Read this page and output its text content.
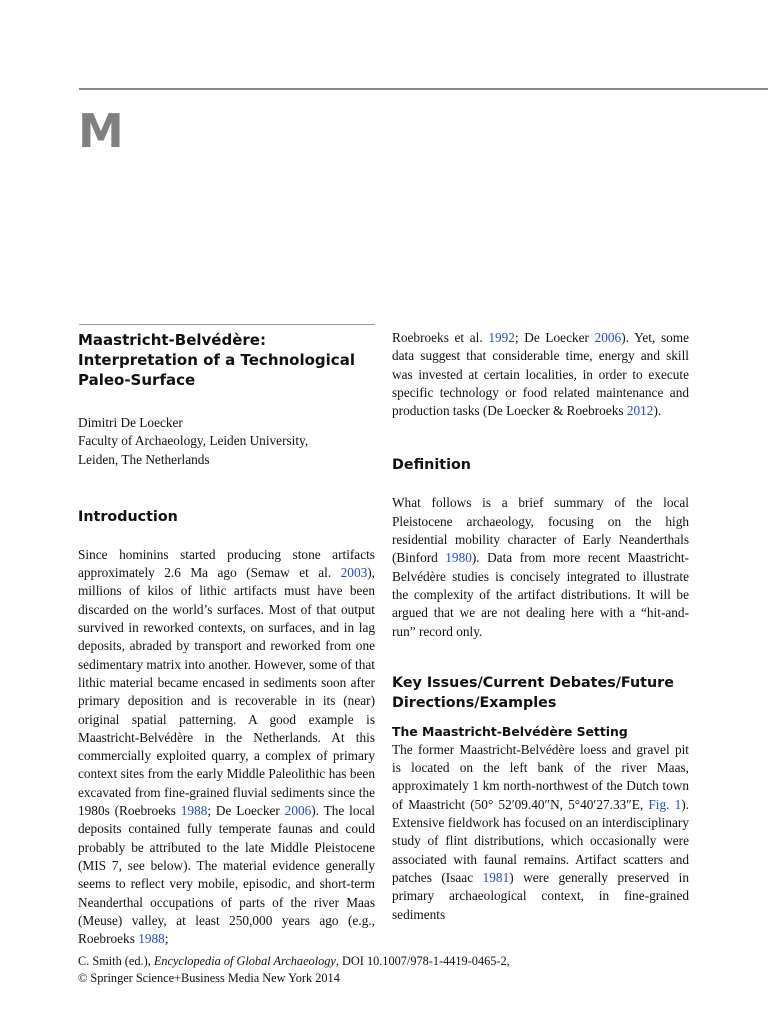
M
Maastricht-Belvédère: Interpretation of a Technological Paleo-Surface
Dimitri De Loecker
Faculty of Archaeology, Leiden University,
Leiden, The Netherlands
Introduction

Since hominins started producing stone artifacts approximately 2.6 Ma ago (Semaw et al. 2003), millions of kilos of lithic artifacts must have been discarded on the world’s surfaces. Most of that output survived in reworked contexts, on surfaces, and in lag deposits, abraded by transport and reworked from one sedimentary matrix into another. However, some of that lithic material became encased in sediments soon after primary deposition and is recoverable in its (near) original spatial patterning. A good example is Maastricht-Belvédère in the Netherlands. At this commercially exploited quarry, a complex of primary context sites from the early Middle Paleolithic has been excavated from fine-grained fluvial sediments since the 1980s (Roebroeks 1988; De Loecker 2006). The local deposits contained fully temperate faunas and could probably be attributed to the late Middle Pleistocene (MIS 7, see below). The material evidence generally seems to reflect very mobile, episodic, and short-term Neanderthal occupations of parts of the river Maas (Meuse) valley, at least 250,000 years ago (e.g., Roebroeks 1988;

Roebroeks et al. 1992; De Loecker 2006). Yet, some data suggest that considerable time, energy and skill was invested at certain localities, in order to execute specific technology or food related maintenance and production tasks (De Loecker & Roebroeks 2012).

Definition

What follows is a brief summary of the local Pleistocene archaeology, focusing on the high residential mobility character of Early Neanderthals (Binford 1980). Data from more recent Maastricht-Belvédère studies is concisely integrated to illustrate the complexity of the artifact distributions. It will be argued that we are not dealing here with a “hit-and-run” record only.

Key Issues/Current Debates/Future Directions/Examples
The Maastricht-Belvédère Setting

The former Maastricht-Belvédère loess and gravel pit is located on the left bank of the river Maas, approximately 1 km north-northwest of the Dutch town of Maastricht (50° 52′09.40″N, 5°40′27.33″E, Fig. 1). Extensive fieldwork has focused on an interdisciplinary study of flint distributions, which occasionally were associated with faunal remains. Artifact scatters and patches (Isaac 1981) were generally preserved in primary archaeological context, in fine-grained sediments

C. Smith (ed.), Encyclopedia of Global Archaeology, DOI 10.1007/978-1-4419-0465-2,
© Springer Science+Business Media New York 2014
